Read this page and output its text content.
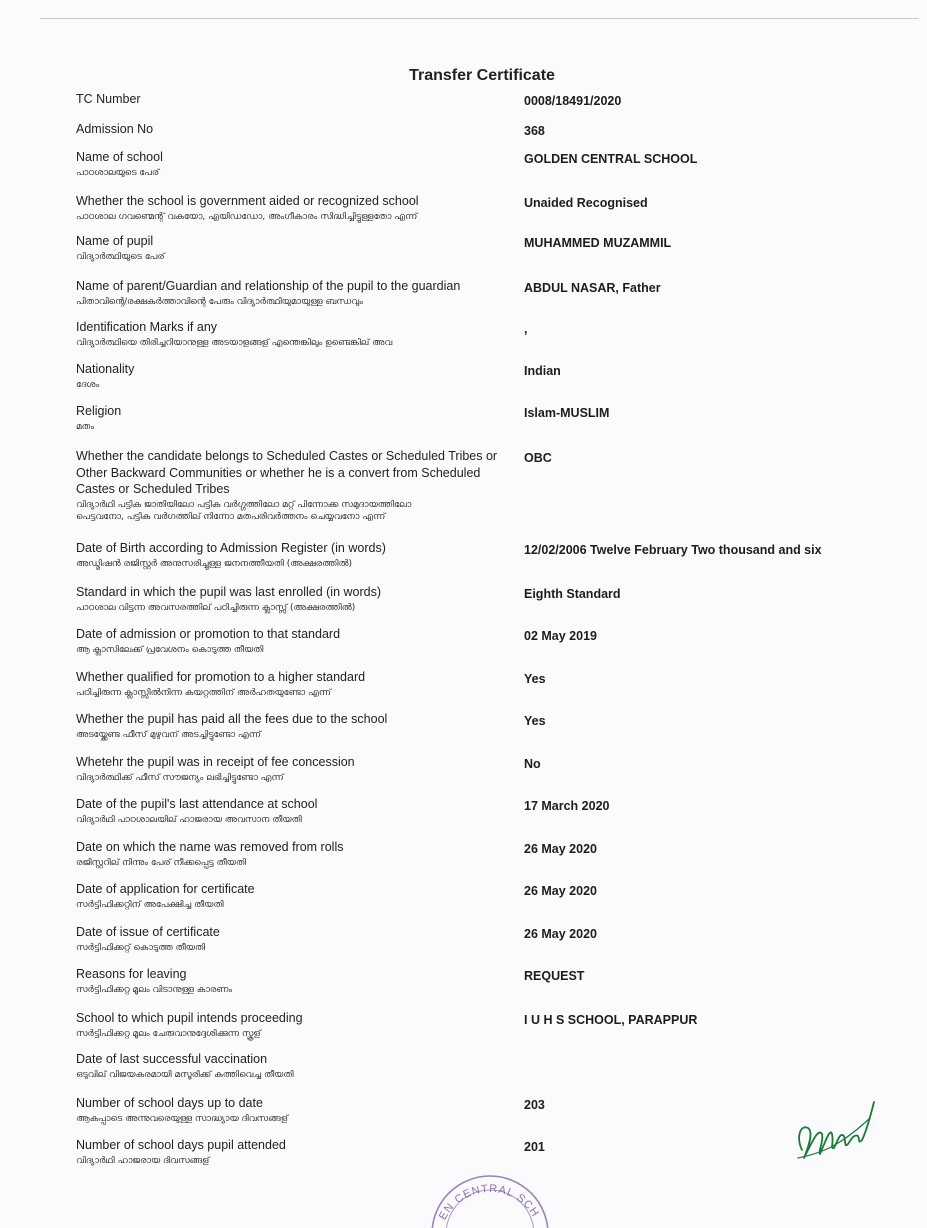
Transfer Certificate
TC Number	0008/18491/2020
Admission No	368
Name of school
പാഠശാലയുടെ പേര്
GOLDEN CENTRAL SCHOOL
Whether the school is government aided or recognized school
പാഠശാല ഗവണ്മെന്റ് വകയോ, എയിഡഡോ, അംഗീകാരം സിദ്ധിച്ചിട്ടുള്ളതോ എന്ന്
Unaided Recognised
Name of pupil
വിദ്യാർത്ഥിയുടെ പേര്
MUHAMMED MUZAMMIL
Name of parent/Guardian and relationship of the pupil to the guardian
പിതാവിന്റെ/രക്ഷകർത്താവിന്റെ പേരും വിദ്യാർത്ഥിയുമായുള്ള ബന്ധവും
ABDUL NASAR, Father
Identification Marks if any
വിദ്യാർത്ഥിയെ തിരിച്ചറിയാനുള്ള അടയാളങ്ങള് എന്തെങ്കിലും ഉണ്ടെങ്കില് അവ
,
Nationality
ദേശം
Indian
Religion
മതം
Islam-MUSLIM
Whether the candidate belongs to Scheduled Castes or Scheduled Tribes or Other Backward Communities or whether he is a convert from Scheduled Castes or Scheduled Tribes
വിദ്യാർഥി പട്ടിക ജാതിയിലോ പട്ടിക വർഗ്ഗത്തിലോ മറ്റ് പിന്നോക്ക സമുദായത്തിലോ
പെട്ടവനോ, പട്ടിക വർഗത്തില് നിന്നോ മതപരിവർത്തനം ചെയ്യവനോ എന്ന്
OBC
Date of Birth according to Admission Register (in words)
അഡ്മിഷൻ രജിസ്റ്റർ അനുസരിച്ചുള്ള ജനനത്തീയതി (അക്ഷരത്തിൽ)
12/02/2006 Twelve February Two thousand and six
Standard in which the pupil was last enrolled (in words)
പാഠശാല വിട്ടന്ന അവസരത്തില് പഠിച്ചിരുന്ന ക്ലാസ്സ് (അക്ഷരത്തിൽ)
Eighth Standard
Date of admission or promotion to that standard
ആ ക്ലാസിലേക്ക് പ്രവേശനം കൊടുത്ത തീയതി
02 May 2019
Whether qualified for promotion to a higher standard
പഠിച്ചിരുന്ന ക്ലാസ്സിൽനിന്ന കയറ്റത്തിന് അർഹതയുണ്ടോ എന്ന്
Yes
Whether the pupil has paid all the fees due to the school
അടയ്ക്കേണ്ട ഫീസ് മുഴുവന് അടച്ചിട്ടുണ്ടോ എന്ന്
Yes
Whetehr the pupil was in receipt of fee concession
വിദ്യാർത്ഥിക്ക് ഫീസ് സൗജന്യം ലഭിച്ചിട്ടുണ്ടോ എന്ന്
No
Date of the pupil's last attendance at school
വിദ്യാർഥി പാഠശാലയില് ഹാജരായ അവസാന തീയതി
17 March 2020
Date on which the name was removed from rolls
രജിസ്റ്ററില് നിന്നും പേര് നീക്കപ്പെട്ട തീയതി
26 May 2020
Date of application for certificate
സർട്ടിഫിക്കറ്റിന് അപേക്ഷിച്ച തീയതി
26 May 2020
Date of issue of certificate
സർട്ടിഫിക്കറ്റ് കൊടുത്ത തീയതി
26 May 2020
Reasons for leaving
സർട്ടിഫിക്കറ്റ മൂലം വിടാനുള്ള കാരണം
REQUEST
School to which pupil intends proceeding
സർട്ടിഫിക്കറ്റ മൂലം ചേരുവാനുദ്ദേശിക്കുന്ന സ്കൂള്
I U H S SCHOOL, PARAPPUR
Date of last successful vaccination
ഒടുവില് വിജയകരമായി മസൂരിക്ക് കത്തിവെച്ച തീയതി
Number of school days up to date
ആകപ്പാടെ അന്നുവരെയുള്ള സാദ്ധ്യായ ദിവസങ്ങള്
203
Number of school days pupil attended
വിദ്യാർഥി ഹാജരായ ദിവസങ്ങള്
201
EN CENTRAL SCH
